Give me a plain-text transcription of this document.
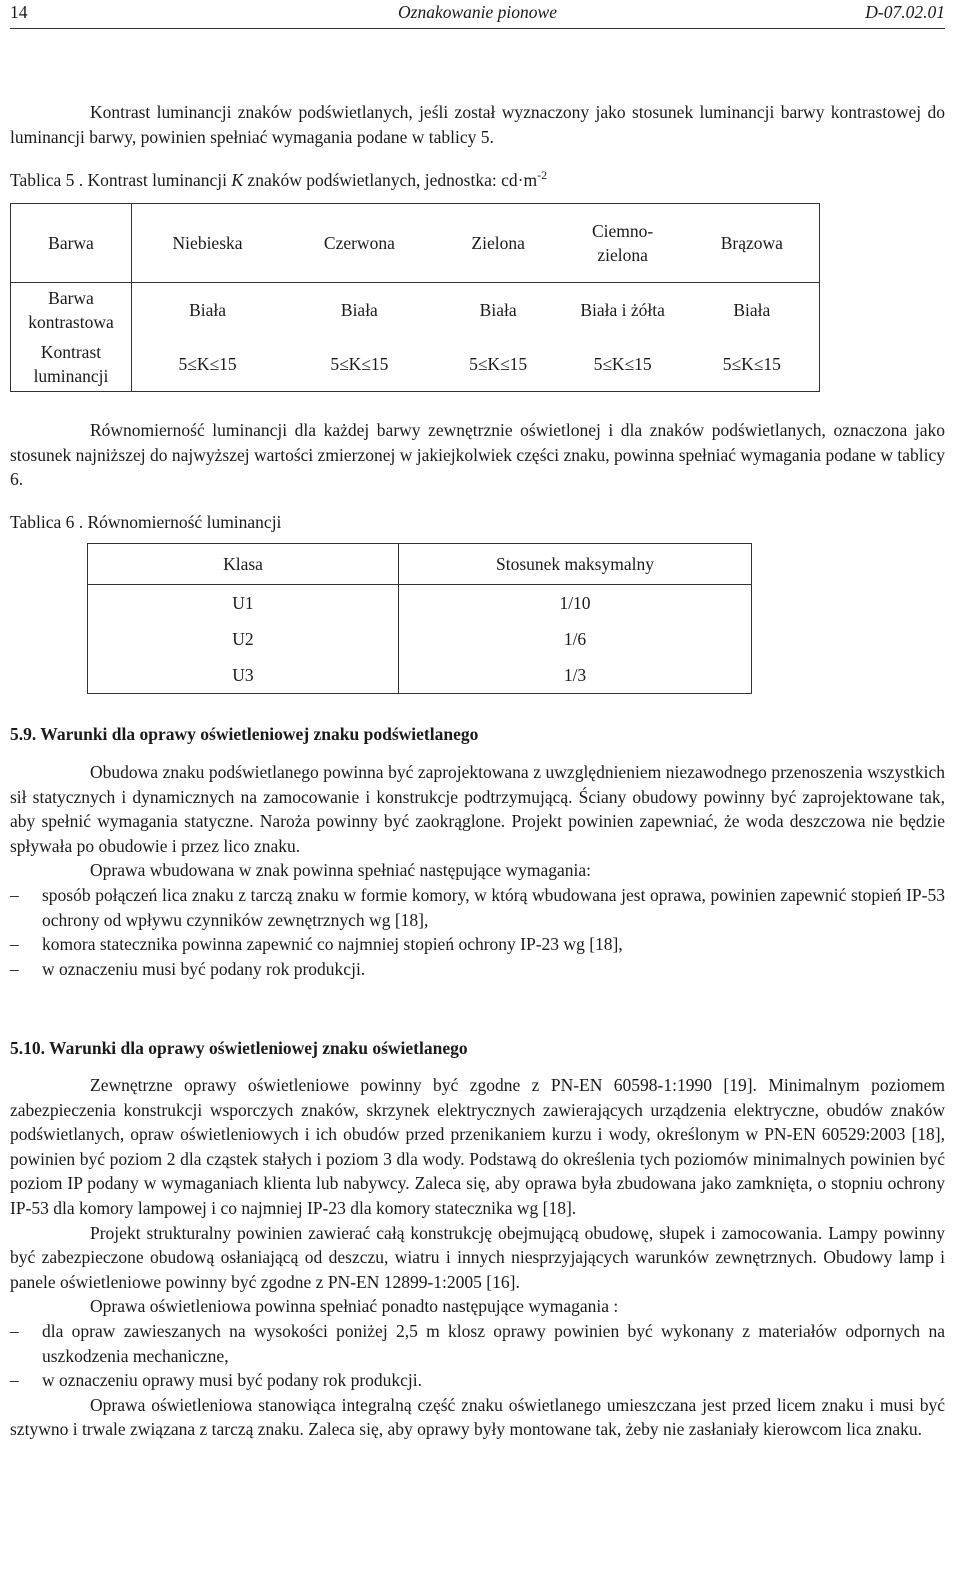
14	Oznakowanie pionowe	D-07.02.01

Kontrast luminancji znaków podświetlanych, jeśli został wyznaczony jako stosunek luminancji barwy kontrastowej do luminancji barwy, powinien spełniać wymagania podane w tablicy 5.

Tablica 5 . Kontrast luminancji K znaków podświetlanych, jednostka: $cd\cdot m^{-2}$
Barwa	Niebieska	Czerwona	Zielona	Ciemno-zielona	Brązowa
Barwa kontrastowa	Biała	Biała	Biała	Biała i żółta	Biała
Kontrast luminancji	5≤K≤15	5≤K≤15	5≤K≤15	5≤K≤15	5≤K≤15

Równomierność luminancji dla każdej barwy zewnętrznie oświetlonej i dla znaków podświetlanych, oznaczona jako stosunek najniższej do najwyższej wartości zmierzonej w jakiejkolwiek części znaku, powinna spełniać wymagania podane w tablicy 6.

Tablica 6 . Równomierność luminancji
Klasa	Stosunek maksymalny
U1	1/10
U2	1/6
U3	1/3
5.9. Warunki dla oprawy oświetleniowej znaku podświetlanego

Obudowa znaku podświetlanego powinna być zaprojektowana z uwzględnieniem niezawodnego przenoszenia wszystkich sił statycznych i dynamicznych na zamocowanie i konstrukcje podtrzymującą. Ściany obudowy powinny być zaprojektowane tak, aby spełnić wymagania statyczne. Naroża powinny być zaokrąglone. Projekt powinien zapewniać, że woda deszczowa nie będzie spływała po obudowie i przez lico znaku.

Oprawa wbudowana w znak powinna spełniać następujące wymagania:

– sposób połączeń lica znaku z tarczą znaku w formie komory, w którą wbudowana jest oprawa, powinien zapewnić stopień IP-53 ochrony od wpływu czynników zewnętrznych wg [18],
– komora statecznika powinna zapewnić co najmniej stopień ochrony IP-23 wg [18],
– w oznaczeniu musi być podany rok produkcji.
5.10. Warunki dla oprawy oświetleniowej znaku oświetlanego

Zewnętrzne oprawy oświetleniowe powinny być zgodne z PN-EN 60598-1:1990 [19]. Minimalnym poziomem zabezpieczenia konstrukcji wsporczych znaków, skrzynek elektrycznych zawierających urządzenia elektryczne, obudów znaków podświetlanych, opraw oświetleniowych i ich obudów przed przenikaniem kurzu i wody, określonym w PN-EN 60529:2003 [18], powinien być poziom 2 dla cząstek stałych i poziom 3 dla wody. Podstawą do określenia tych poziomów minimalnych powinien być poziom IP podany w wymaganiach klienta lub nabywcy. Zaleca się, aby oprawa była zbudowana jako zamknięta, o stopniu ochrony IP-53 dla komory lampowej i co najmniej IP-23 dla komory statecznika wg [18].

Projekt strukturalny powinien zawierać całą konstrukcję obejmującą obudowę, słupek i zamocowania. Lampy powinny być zabezpieczone obudową osłaniającą od deszczu, wiatru i innych niesprzyjających warunków zewnętrznych. Obudowy lamp i panele oświetleniowe powinny być zgodne z PN-EN 12899-1:2005 [16].

Oprawa oświetleniowa powinna spełniać ponadto następujące wymagania :

– dla opraw zawieszanych na wysokości poniżej 2,5 m klosz oprawy powinien być wykonany z materiałów odpornych na uszkodzenia mechaniczne,
– w oznaczeniu oprawy musi być podany rok produkcji.

Oprawa oświetleniowa stanowiąca integralną część znaku oświetlanego umieszczana jest przed licem znaku i musi być sztywno i trwale związana z tarczą znaku. Zaleca się, aby oprawy były montowane tak, żeby nie zasłaniały kierowcom lica znaku.
